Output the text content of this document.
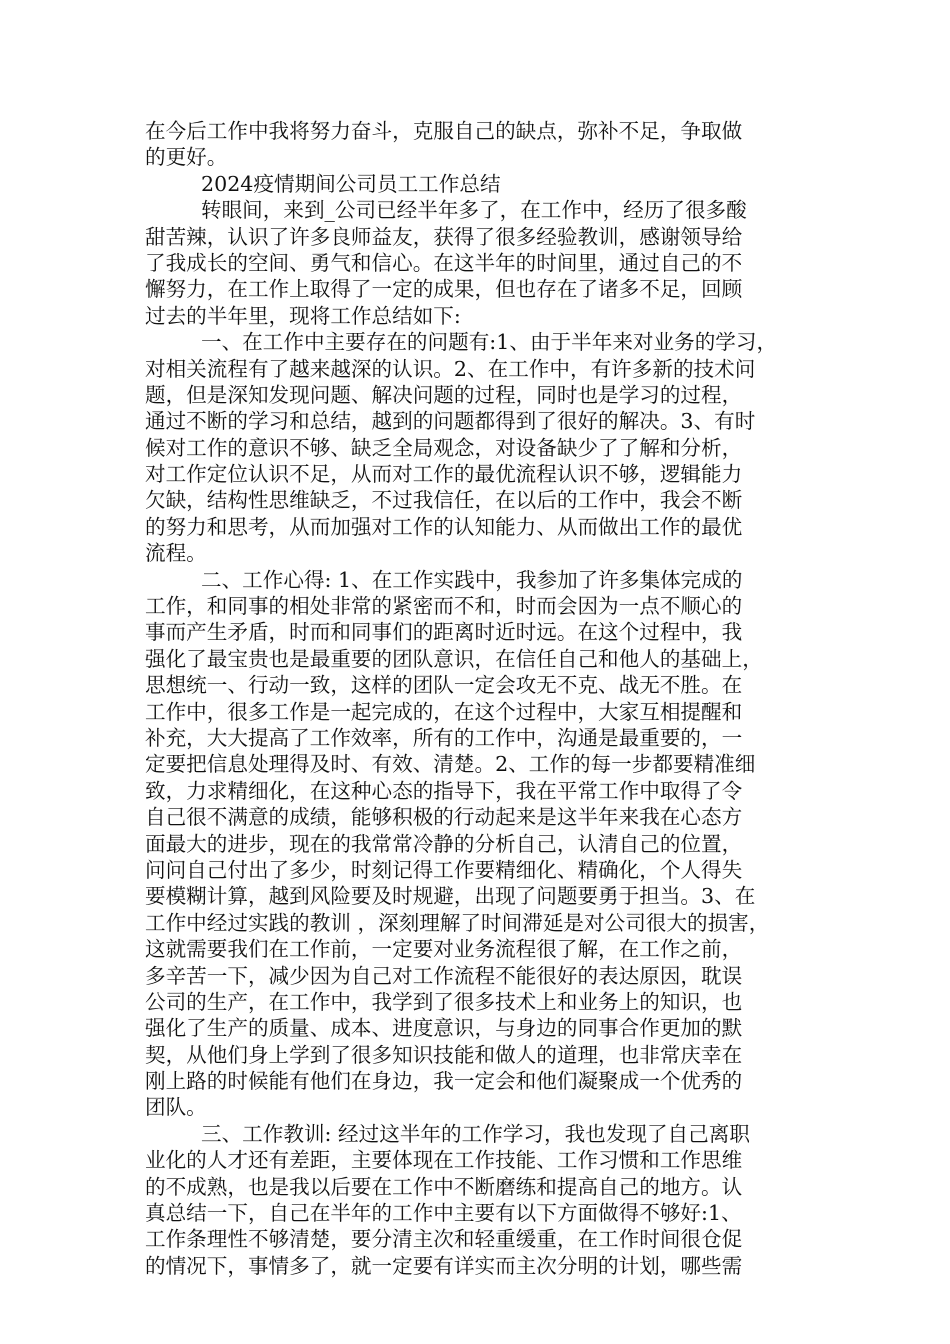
在今后工作中我将努力奋斗，克服自己的缺点，弥补不足，争取做
的更好。
2024疫情期间公司员工工作总结
转眼间，来到_公司已经半年多了，在工作中，经历了很多酸
甜苦辣，认识了许多良师益友，获得了很多经验教训，感谢领导给
了我成长的空间、勇气和信心。在这半年的时间里，通过自己的不
懈努力，在工作上取得了一定的成果，但也存在了诸多不足，回顾
过去的半年里，现将工作总结如下:
一、在工作中主要存在的问题有:1、由于半年来对业务的学习，
对相关流程有了越来越深的认识。2、在工作中，有许多新的技术问
题，但是深知发现问题、解决问题的过程，同时也是学习的过程，
通过不断的学习和总结，越到的问题都得到了很好的解决。3、有时
候对工作的意识不够、缺乏全局观念，对设备缺少了了解和分析，
对工作定位认识不足，从而对工作的最优流程认识不够，逻辑能力
欠缺，结构性思维缺乏，不过我信任，在以后的工作中，我会不断
的努力和思考，从而加强对工作的认知能力、从而做出工作的最优
流程。
二、工作心得: 1、在工作实践中，我参加了许多集体完成的
工作，和同事的相处非常的紧密而不和，时而会因为一点不顺心的
事而产生矛盾，时而和同事们的距离时近时远。在这个过程中，我
强化了最宝贵也是最重要的团队意识，在信任自己和他人的基础上，
思想统一、行动一致，这样的团队一定会攻无不克、战无不胜。在
工作中，很多工作是一起完成的，在这个过程中，大家互相提醒和
补充，大大提高了工作效率，所有的工作中，沟通是最重要的，一
定要把信息处理得及时、有效、清楚。2、工作的每一步都要精准细
致，力求精细化，在这种心态的指导下，我在平常工作中取得了令
自己很不满意的成绩，能够积极的行动起来是这半年来我在心态方
面最大的进步，现在的我常常冷静的分析自己，认清自己的位置，
问问自己付出了多少，时刻记得工作要精细化、精确化，个人得失
要模糊计算，越到风险要及时规避，出现了问题要勇于担当。3、在
工作中经过实践的教训 ，深刻理解了时间滞延是对公司很大的损害，
这就需要我们在工作前，一定要对业务流程很了解，在工作之前，
多辛苦一下，减少因为自己对工作流程不能很好的表达原因，耽误
公司的生产，在工作中，我学到了很多技术上和业务上的知识，也
强化了生产的质量、成本、进度意识，与身边的同事合作更加的默
契，从他们身上学到了很多知识技能和做人的道理，也非常庆幸在
刚上路的时候能有他们在身边，我一定会和他们凝聚成一个优秀的
团队。
三、工作教训: 经过这半年的工作学习，我也发现了自己离职
业化的人才还有差距，主要体现在工作技能、工作习惯和工作思维
的不成熟，也是我以后要在工作中不断磨练和提高自己的地方。认
真总结一下，自己在半年的工作中主要有以下方面做得不够好:1、
工作条理性不够清楚，要分清主次和轻重缓重，在工作时间很仓促
的情况下，事情多了，就一定要有详实而主次分明的计划，哪些需
